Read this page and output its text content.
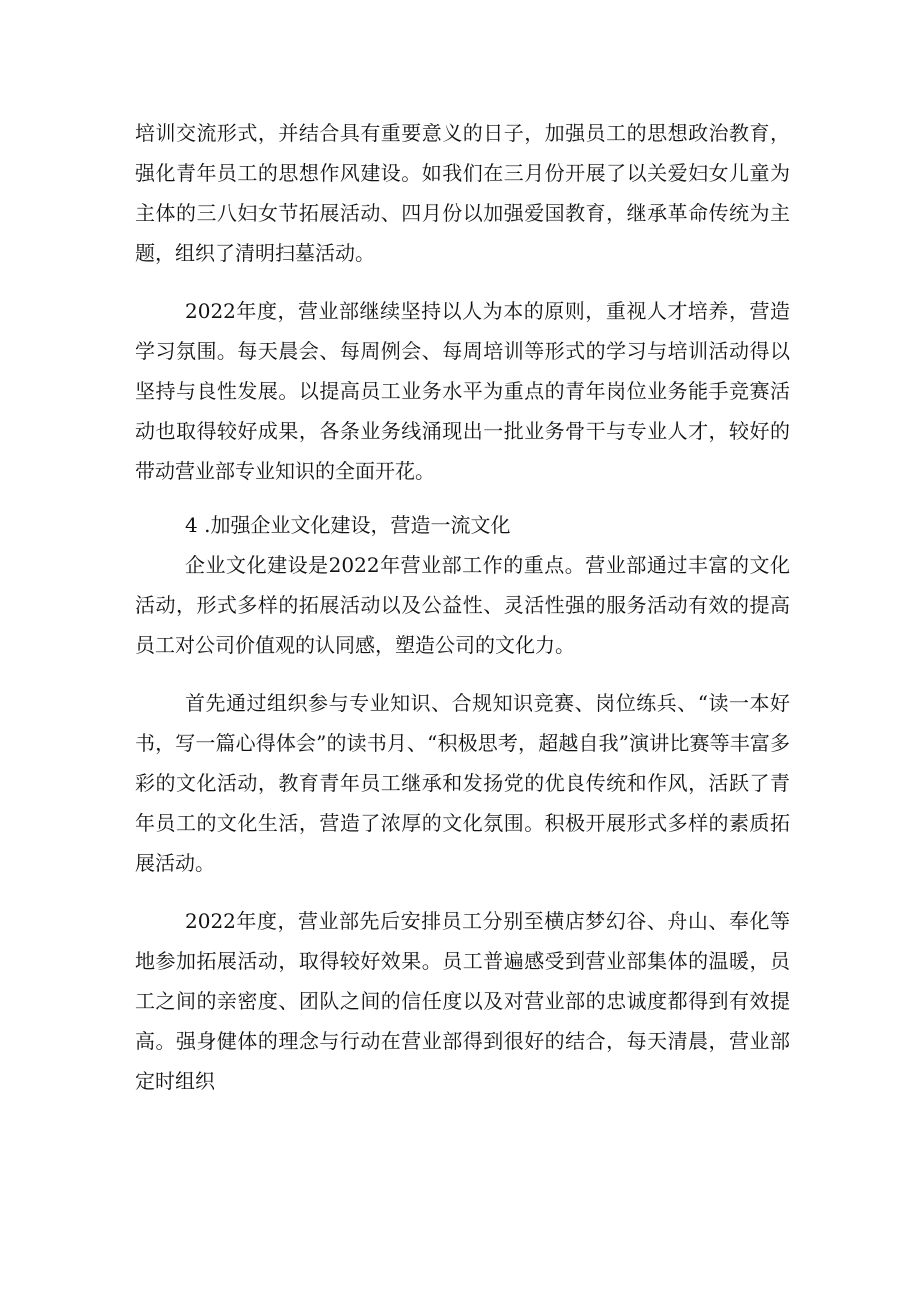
培训交流形式，并结合具有重要意义的日子，加强员工的思想政治教育，强化青年员工的思想作风建设。如我们在三月份开展了以关爱妇女儿童为主体的三八妇女节拓展活动、四月份以加强爱国教育，继承革命传统为主题，组织了清明扫墓活动。

2022年度，营业部继续坚持以人为本的原则，重视人才培养，营造学习氛围。每天晨会、每周例会、每周培训等形式的学习与培训活动得以坚持与良性发展。以提高员工业务水平为重点的青年岗位业务能手竞赛活动也取得较好成果，各条业务线涌现出一批业务骨干与专业人才，较好的带动营业部专业知识的全面开花。

4 .加强企业文化建设，营造一流文化

企业文化建设是2022年营业部工作的重点。营业部通过丰富的文化活动，形式多样的拓展活动以及公益性、灵活性强的服务活动有效的提高员工对公司价值观的认同感，塑造公司的文化力。

首先通过组织参与专业知识、合规知识竞赛、岗位练兵、“读一本好书，写一篇心得体会”的读书月、“积极思考，超越自我”演讲比赛等丰富多彩的文化活动，教育青年员工继承和发扬党的优良传统和作风，活跃了青年员工的文化生活，营造了浓厚的文化氛围。积极开展形式多样的素质拓展活动。

2022年度，营业部先后安排员工分别至横店梦幻谷、舟山、奉化等地参加拓展活动，取得较好效果。员工普遍感受到营业部集体的温暖，员工之间的亲密度、团队之间的信任度以及对营业部的忠诚度都得到有效提高。强身健体的理念与行动在营业部得到很好的结合，每天清晨，营业部定时组织
